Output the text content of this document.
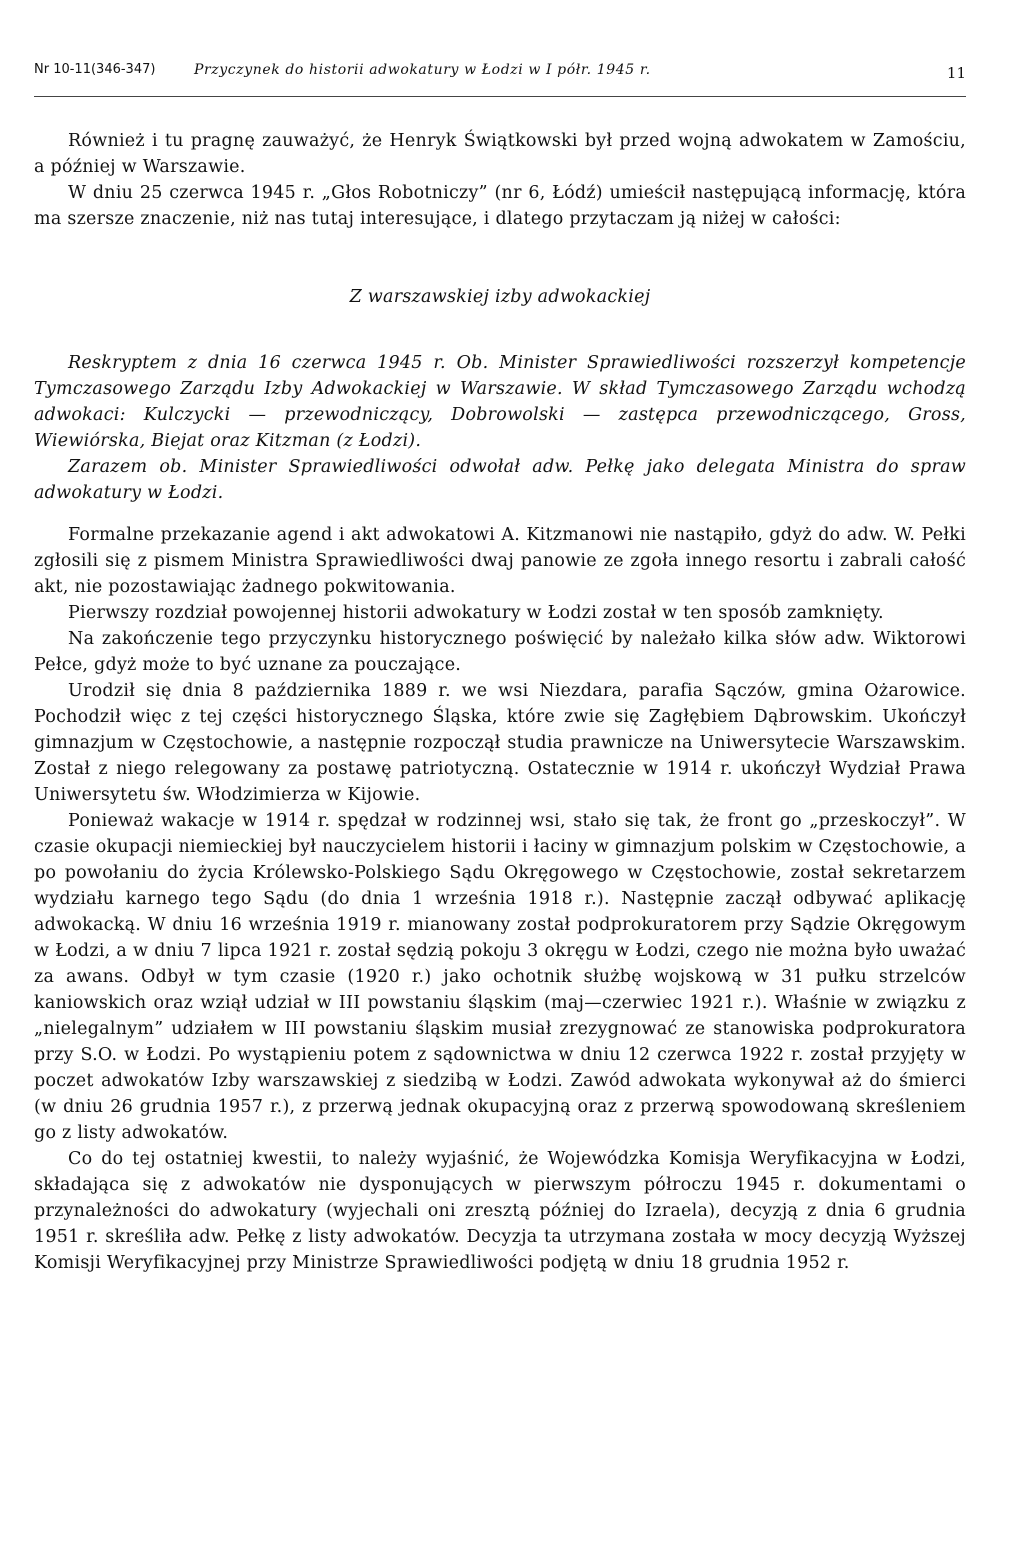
Nr 10-11(346-347)	Przyczynek do historii adwokatury w Łodzi w I półr. 1945 r.	11

Również i tu pragnę zauważyć, że Henryk Świątkowski był przed wojną adwokatem w Zamościu, a później w Warszawie.

W dniu 25 czerwca 1945 r. „Głos Robotniczy” (nr 6, Łódź) umieścił następującą informację, która ma szersze znaczenie, niż nas tutaj interesujące, i dlatego przytaczam ją niżej w całości:

Z warszawskiej izby adwokackiej

Reskryptem z dnia 16 czerwca 1945 r. Ob. Minister Sprawiedliwości rozszerzył kompetencje Tymczasowego Zarządu Izby Adwokackiej w Warszawie. W skład Tymczasowego Zarządu wchodzą adwokaci: Kulczycki — przewodniczący, Dobrowolski — zastępca przewodniczącego, Gross, Wiewiórska, Biejat oraz Kitzman (z Łodzi).

Zarazem ob. Minister Sprawiedliwości odwołał adw. Pełkę jako delegata Ministra do spraw adwokatury w Łodzi.

Formalne przekazanie agend i akt adwokatowi A. Kitzmanowi nie nastąpiło, gdyż do adw. W. Pełki zgłosili się z pismem Ministra Sprawiedliwości dwaj panowie ze zgoła innego resortu i zabrali całość akt, nie pozostawiając żadnego pokwitowania.

Pierwszy rozdział powojennej historii adwokatury w Łodzi został w ten sposób zamknięty.

Na zakończenie tego przyczynku historycznego poświęcić by należało kilka słów adw. Wiktorowi Pełce, gdyż może to być uznane za pouczające.

Urodził się dnia 8 października 1889 r. we wsi Niezdara, parafia Sączów, gmina Ożarowice. Pochodził więc z tej części historycznego Śląska, które zwie się Zagłębiem Dąbrowskim. Ukończył gimnazjum w Częstochowie, a następnie rozpoczął studia prawnicze na Uniwersytecie Warszawskim. Został z niego relegowany za postawę patriotyczną. Ostatecznie w 1914 r. ukończył Wydział Prawa Uniwersytetu św. Włodzimierza w Kijowie.

Ponieważ wakacje w 1914 r. spędzał w rodzinnej wsi, stało się tak, że front go „przeskoczył”. W czasie okupacji niemieckiej był nauczycielem historii i łaciny w gimnazjum polskim w Częstochowie, a po powołaniu do życia Królewsko-Polskiego Sądu Okręgowego w Częstochowie, został sekretarzem wydziału karnego tego Sądu (do dnia 1 września 1918 r.). Następnie zaczął odbywać aplikację adwokacką. W dniu 16 września 1919 r. mianowany został podprokuratorem przy Sądzie Okręgowym w Łodzi, a w dniu 7 lipca 1921 r. został sędzią pokoju 3 okręgu w Łodzi, czego nie można było uważać za awans. Odbył w tym czasie (1920 r.) jako ochotnik służbę wojskową w 31 pułku strzelców kaniowskich oraz wziął udział w III powstaniu śląskim (maj—czerwiec 1921 r.). Właśnie w związku z „nielegalnym” udziałem w III powstaniu śląskim musiał zrezygnować ze stanowiska podprokuratora przy S.O. w Łodzi. Po wystąpieniu potem z sądownictwa w dniu 12 czerwca 1922 r. został przyjęty w poczet adwokatów Izby warszawskiej z siedzibą w Łodzi. Zawód adwokata wykonywał aż do śmierci (w dniu 26 grudnia 1957 r.), z przerwą jednak okupacyjną oraz z przerwą spowodowaną skreśleniem go z listy adwokatów.

Co do tej ostatniej kwestii, to należy wyjaśnić, że Wojewódzka Komisja Weryfikacyjna w Łodzi, składająca się z adwokatów nie dysponujących w pierwszym półroczu 1945 r. dokumentami o przynależności do adwokatury (wyjechali oni zresztą później do Izraela), decyzją z dnia 6 grudnia 1951 r. skreśliła adw. Pełkę z listy adwokatów. Decyzja ta utrzymana została w mocy decyzją Wyższej Komisji Weryfikacyjnej przy Ministrze Sprawiedliwości podjętą w dniu 18 grudnia 1952 r.
